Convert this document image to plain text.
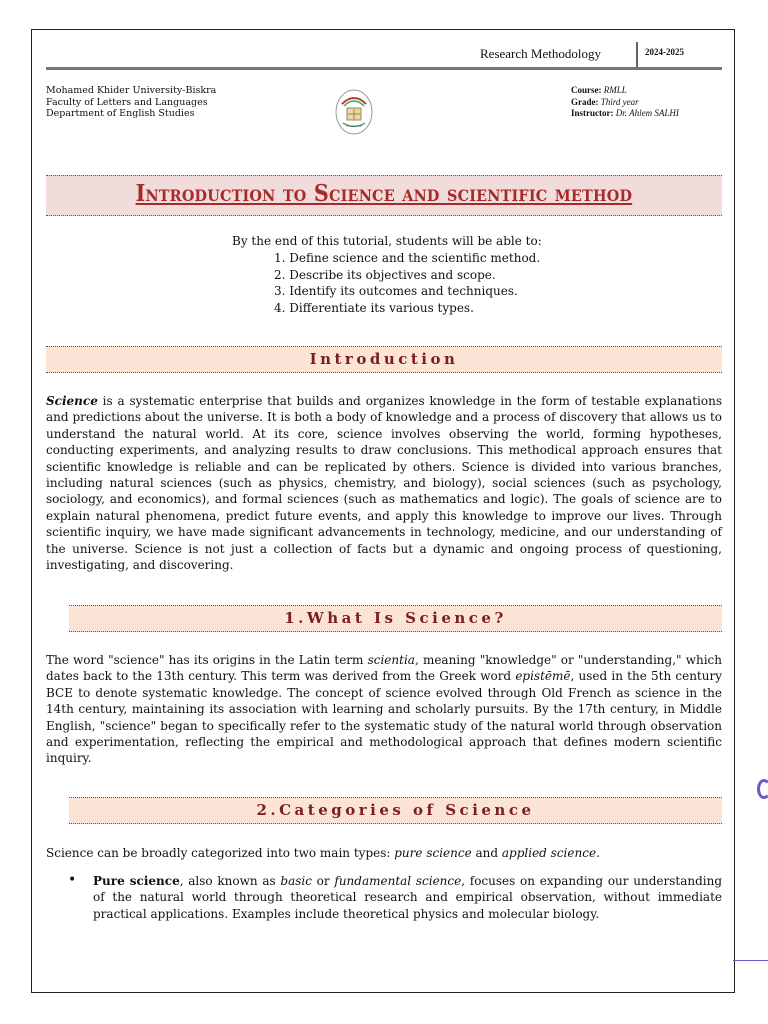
Research Methodology	2024-2025
Mohamed Khider University-Biskra
Faculty of Letters and Languages
Department of English Studies
Course: RMLL
Grade: Third year
Instructor: Dr. Ahlem SALHI
Introduction to Science and scientific method
By the end of this tutorial, students will be able to:
1. Define science and the scientific method.
2. Describe its objectives and scope.
3. Identify its outcomes and techniques.
4. Differentiate its various types.
Introduction

Science is a systematic enterprise that builds and organizes knowledge in the form of testable explanations and predictions about the universe. It is both a body of knowledge and a process of discovery that allows us to understand the natural world. At its core, science involves observing the world, forming hypotheses, conducting experiments, and analyzing results to draw conclusions. This methodical approach ensures that scientific knowledge is reliable and can be replicated by others. Science is divided into various branches, including natural sciences (such as physics, chemistry, and biology), social sciences (such as psychology, sociology, and economics), and formal sciences (such as mathematics and logic). The goals of science are to explain natural phenomena, predict future events, and apply this knowledge to improve our lives. Through scientific inquiry, we have made significant advancements in technology, medicine, and our understanding of the universe. Science is not just a collection of facts but a dynamic and ongoing process of questioning, investigating, and discovering.

1.What Is Science?

The word "science" has its origins in the Latin term scientia, meaning "knowledge" or "understanding," which dates back to the 13th century. This term was derived from the Greek word epistēmē, used in the 5th century BCE to denote systematic knowledge. The concept of science evolved through Old French as science in the 14th century, maintaining its association with learning and scholarly pursuits. By the 17th century, in Middle English, "science" began to specifically refer to the systematic study of the natural world through observation and experimentation, reflecting the empirical and methodological approach that defines modern scientific inquiry.

2.Categories of Science

Science can be broadly categorized into two main types: pure science and applied science.

• Pure science, also known as basic or fundamental science, focuses on expanding our understanding of the natural world through theoretical research and empirical observation, without immediate practical applications. Examples include theoretical physics and molecular biology.
